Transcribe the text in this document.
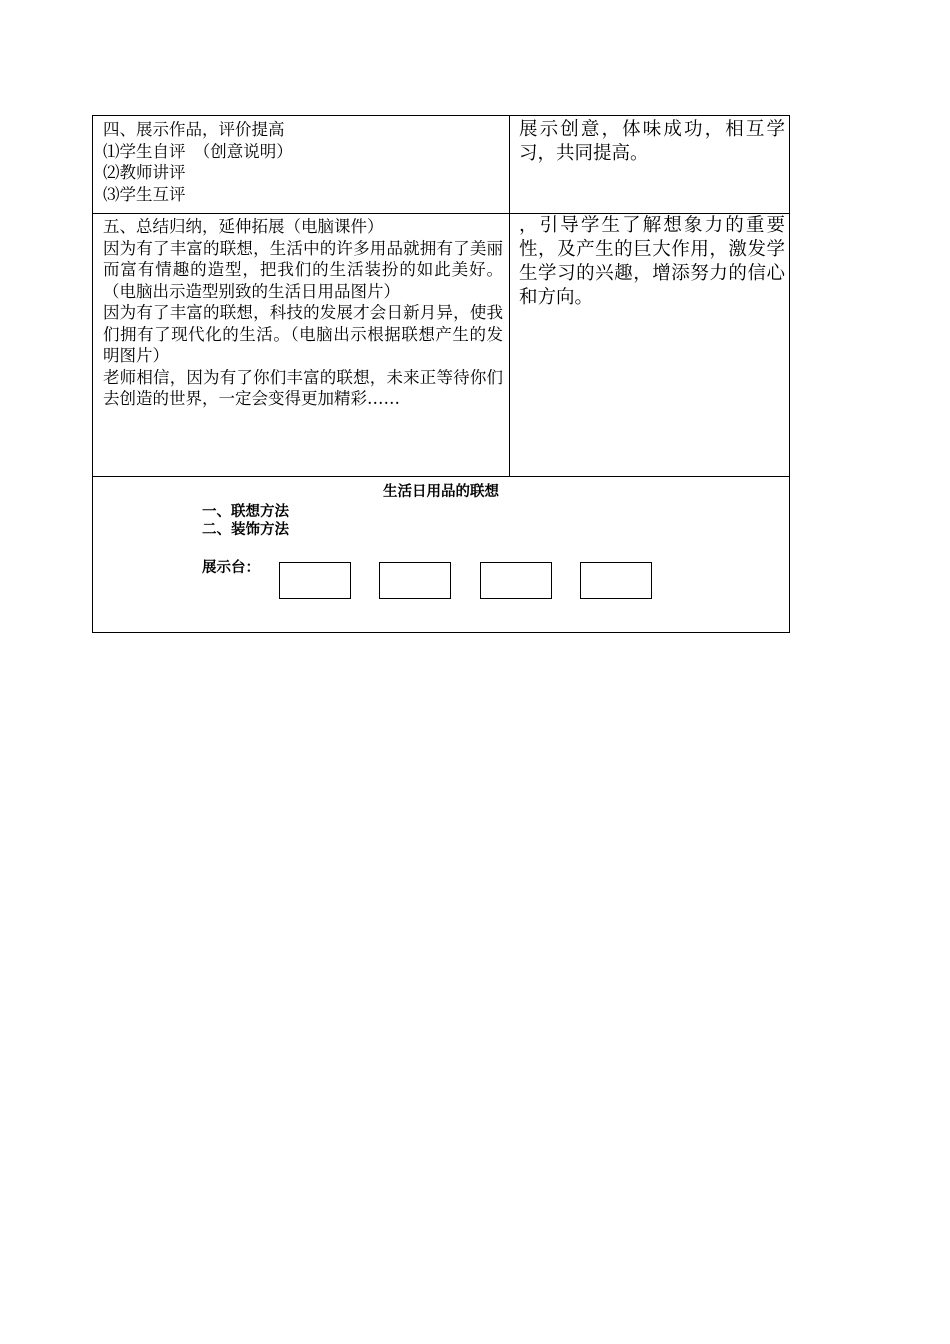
四、展示作品，评价提高

⑴学生自评　（创意说明）

⑵教师讲评

⑶学生互评

展示创意，体味成功，相互学习，共同提高。

五、总结归纳，延伸拓展（电脑课件）

因为有了丰富的联想，生活中的许多用品就拥有了美丽而富有情趣的造型，把我们的生活装扮的如此美好。（电脑出示造型别致的生活日用品图片）

因为有了丰富的联想，科技的发展才会日新月异，使我们拥有了现代化的生活。（电脑出示根据联想产生的发明图片）

老师相信，因为有了你们丰富的联想，未来正等待你们去创造的世界，一定会变得更加精彩……

，引导学生了解想象力的重要性，及产生的巨大作用，激发学生学习的兴趣，增添努力的信心和方向。

生活日用品的联想
一、联想方法
二、装饰方法
展示台：
